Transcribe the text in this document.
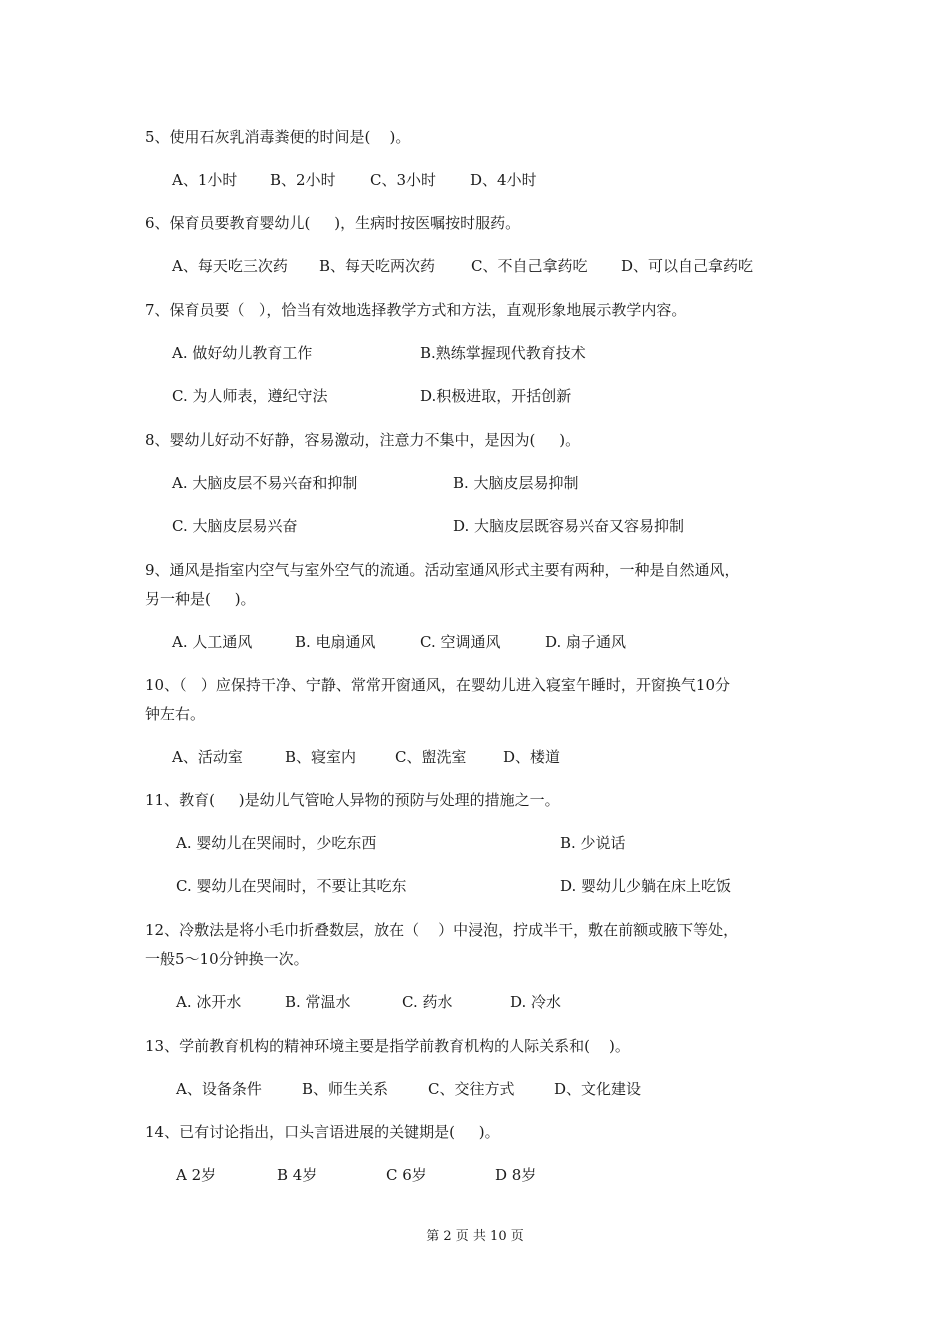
5、使用石灰乳消毒粪便的时间是(    )。
A、1小时 B、2小时 C、3小时 D、4小时
6、保育员要教育婴幼儿(     )，生病时按医嘱按时服药。
A、每天吃三次药 B、每天吃两次药 C、不自己拿药吃 D、可以自己拿药吃
7、保育员要（   ），恰当有效地选择教学方式和方法，直观形象地展示教学内容。
A. 做好幼儿教育工作	B.熟练掌握现代教育技术
C. 为人师表，遵纪守法	D.积极进取，开括创新
8、婴幼儿好动不好静，容易激动，注意力不集中，是因为(     )。
A. 大脑皮层不易兴奋和抑制	B. 大脑皮层易抑制
C. 大脑皮层易兴奋	D. 大脑皮层既容易兴奋又容易抑制
9、通风是指室内空气与室外空气的流通。活动室通风形式主要有两种，一种是自然通风，
另一种是(     )。
A. 人工通风	B. 电扇通风	C. 空调通风	D. 扇子通风
10、（   ）应保持干净、宁静、常常开窗通风，在婴幼儿进入寝室午睡时，开窗换气10分
钟左右。
A、活动室	B、寝室内	C、盥洗室 D、楼道
11、教育(     )是幼儿气管呛人异物的预防与处理的措施之一。
A. 婴幼儿在哭闹时，少吃东西	B. 少说话
C. 婴幼儿在哭闹时，不要让其吃东	D. 婴幼儿少躺在床上吃饭
12、冷敷法是将小毛巾折叠数层，放在（    ）中浸泡，拧成半干，敷在前额或腋下等处，
一般5～10分钟换一次。
A. 冰开水	B. 常温水	C. 药水	D. 冷水
13、学前教育机构的精神环境主要是指学前教育机构的人际关系和(    )。
A、设备条件	B、师生关系	C、交往方式	D、文化建设
14、已有讨论指出，口头言语进展的关键期是(     )。
A 2岁	B 4岁	C 6岁	D 8岁
第 2 页 共 10 页
